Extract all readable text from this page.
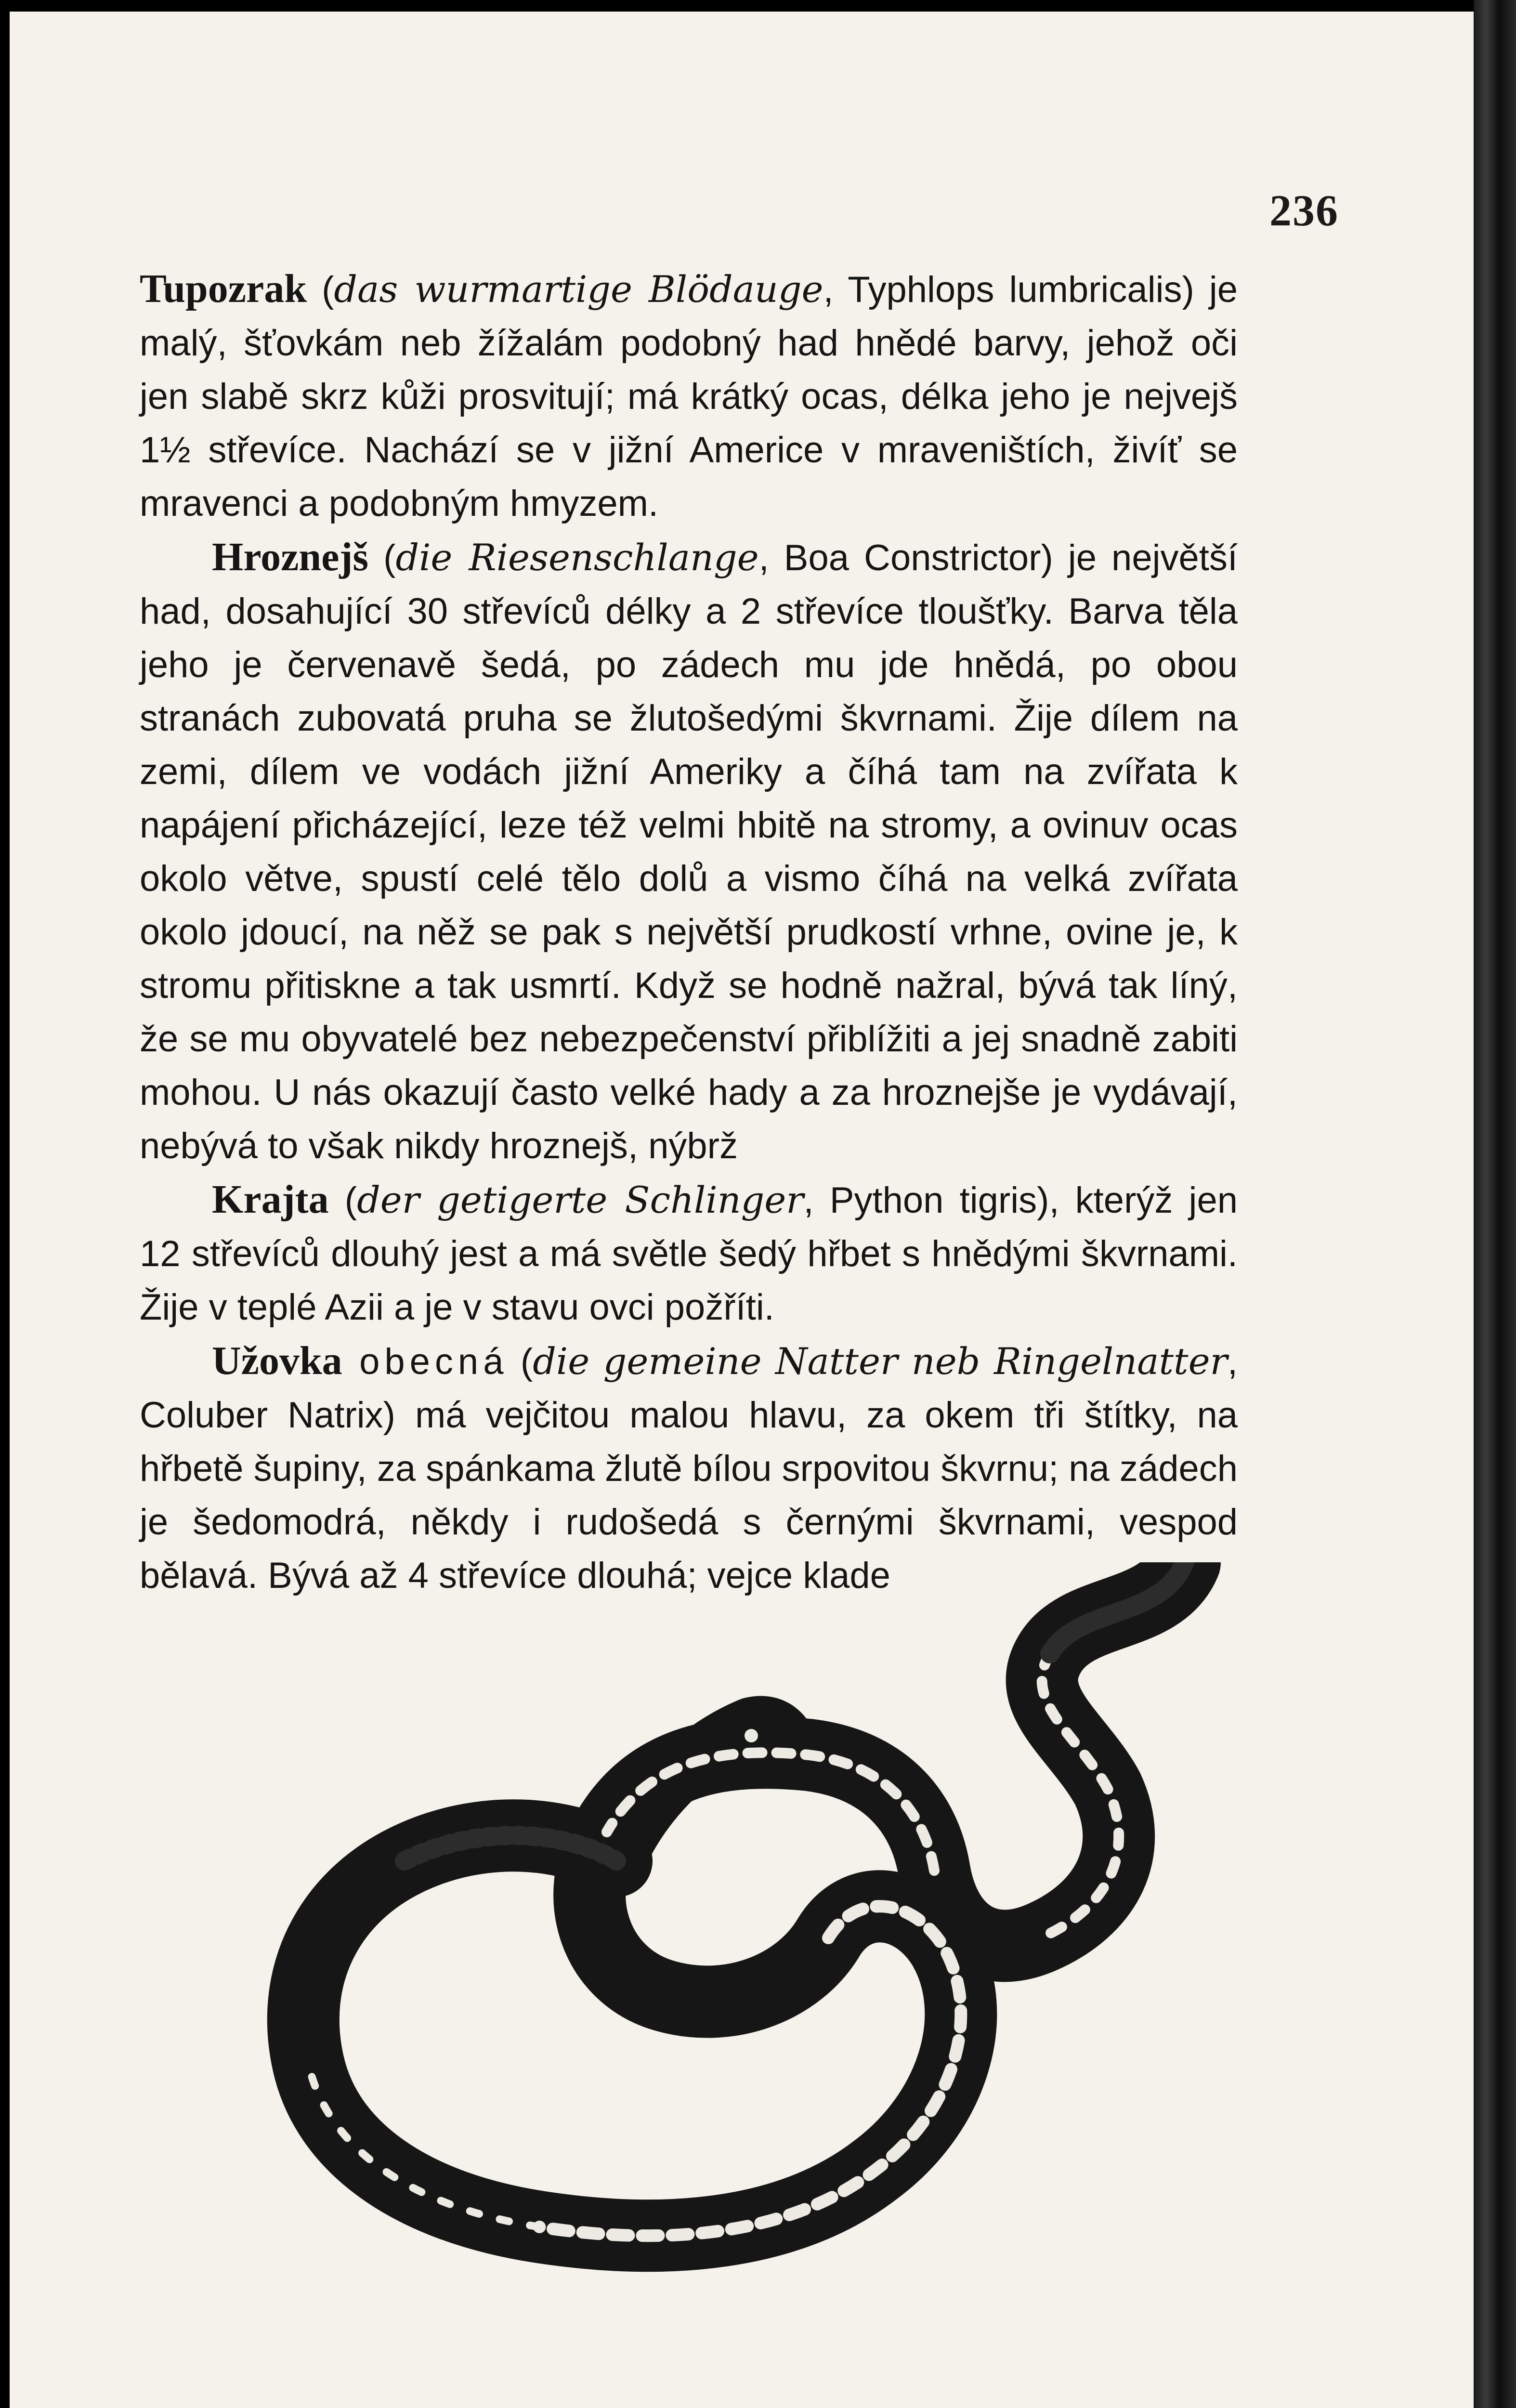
236

Tupozrak (das wurmartige Blödauge, Typhlops lumbricalis) je malý, šťovkám neb žížalám podobný had hnědé barvy, jehož oči jen slabě skrz kůži prosvitují; má krátký ocas, délka jeho je nejvejš 1½ střevíce. Nachází se v jižní Americe v mraveništích, živíť se mravenci a podobným hmyzem.

Hroznejš (die Riesenschlange, Boa Constrictor) je největší had, dosahující 30 střevíců délky a 2 střevíce tloušťky. Barva těla jeho je červenavě šedá, po zádech mu jde hnědá, po obou stranách zubovatá pruha se žlutošedými škvrnami. Žije dílem na zemi, dílem ve vodách jižní Ameriky a číhá tam na zvířata k napájení přicházející, leze též velmi hbitě na stromy, a ovinuv ocas okolo větve, spustí celé tělo dolů a vismo číhá na velká zvířata okolo jdoucí, na něž se pak s největší prudkostí vrhne, ovine je, k stromu přitiskne a tak usmrtí. Když se hodně nažral, bývá tak líný, že se mu obyvatelé bez nebezpečenství přiblížiti a jej snadně zabiti mohou. U nás okazují často velké hady a za hroznejše je vydávají, nebývá to však nikdy hroznejš, nýbrž

Krajta (der getigerte Schlinger, Python tigris), kterýž jen 12 střevíců dlouhý jest a má světle šedý hřbet s hnědými škvrnami. Žije v teplé Azii a je v stavu ovci požříti.

Užovka obecná (die gemeine Natter neb Ringelnatter, Coluber Natrix) má vejčitou malou hlavu, za okem tři štítky, na hřbetě šupiny, za spánkama žlutě bílou srpovitou škvrnu; na zádech je šedomodrá, někdy i rudošedá s černými škvrnami, vespod bělavá. Bývá až 4 střevíce dlouhá; vejce klade
